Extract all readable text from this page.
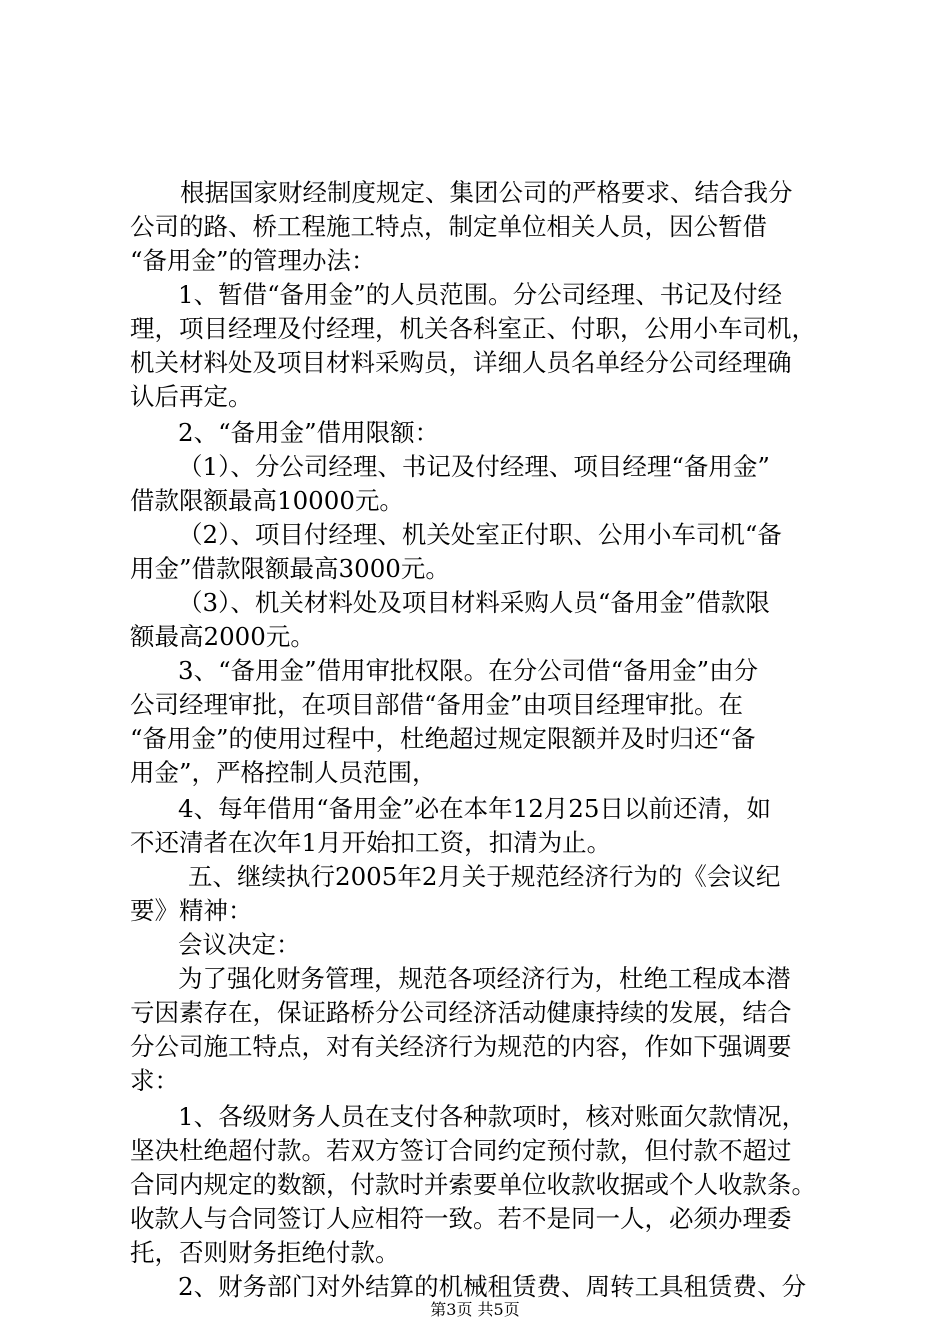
根据国家财经制度规定、集团公司的严格要求、结合我分
公司的路、桥工程施工特点，制定单位相关人员，因公暂借
“备用金”的管理办法：
1、暂借“备用金”的人员范围。分公司经理、书记及付经
理，项目经理及付经理，机关各科室正、付职，公用小车司机，
机关材料处及项目材料采购员，详细人员名单经分公司经理确
认后再定。
2、“备用金”借用限额：
（1）、分公司经理、书记及付经理、项目经理“备用金”
借款限额最高10000元。
（2）、项目付经理、机关处室正付职、公用小车司机“备
用金”借款限额最高3000元。
（3）、机关材料处及项目材料采购人员“备用金”借款限
额最高2000元。
3、“备用金”借用审批权限。在分公司借“备用金”由分
公司经理审批，在项目部借“备用金”由项目经理审批。在
“备用金”的使用过程中，杜绝超过规定限额并及时归还“备
用金”，严格控制人员范围，
4、每年借用“备用金”必在本年12月25日以前还清，如
不还清者在次年1月开始扣工资，扣清为止。
五、继续执行2005年2月关于规范经济行为的《会议纪
要》精神：
会议决定：
为了强化财务管理，规范各项经济行为，杜绝工程成本潜
亏因素存在，保证路桥分公司经济活动健康持续的发展，结合
分公司施工特点，对有关经济行为规范的内容，作如下强调要
求：
1、各级财务人员在支付各种款项时，核对账面欠款情况，
坚决杜绝超付款。若双方签订合同约定预付款，但付款不超过
合同内规定的数额，付款时并索要单位收款收据或个人收款条。
收款人与合同签订人应相符一致。若不是同一人，必须办理委
托，否则财务拒绝付款。
2、财务部门对外结算的机械租赁费、周转工具租赁费、分
第3页 共5页
